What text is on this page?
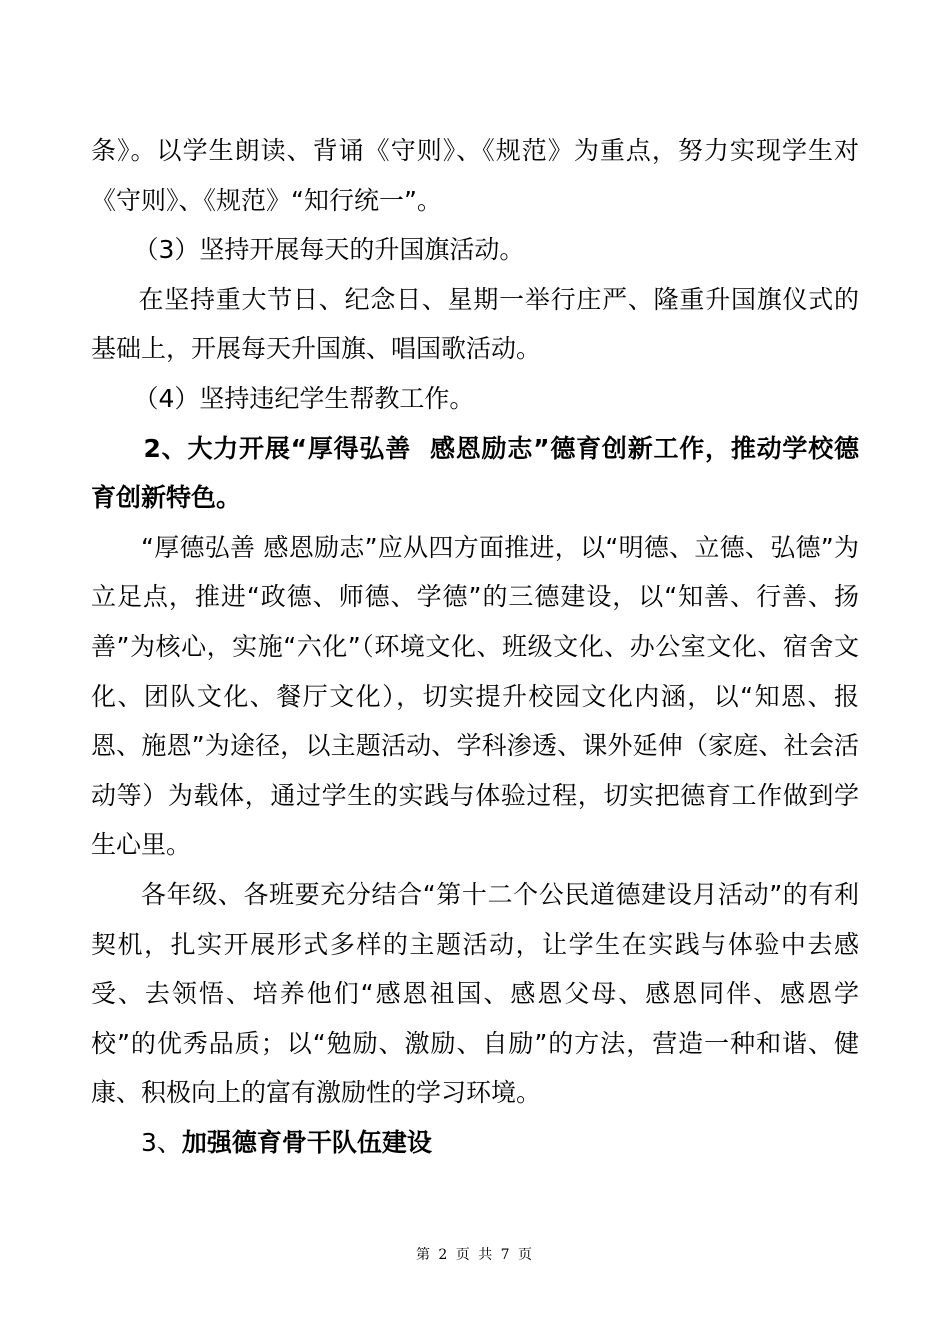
条》。以学生朗读、背诵《守则》、《规范》为重点，努力实现学生对《守则》、《规范》“知行统一”。

（3）坚持开展每天的升国旗活动。

在坚持重大节日、纪念日、星期一举行庄严、隆重升国旗仪式的基础上，开展每天升国旗、唱国歌活动。

（4）坚持违纪学生帮教工作。

2、大力开展“厚得弘善  感恩励志”德育创新工作，推动学校德育创新特色。

“厚德弘善 感恩励志”应从四方面推进，以“明德、立德、弘德”为立足点，推进“政德、师德、学德”的三德建设，以“知善、行善、扬善”为核心，实施“六化”（环境文化、班级文化、办公室文化、宿舍文化、团队文化、餐厅文化），切实提升校园文化内涵，以“知恩、报恩、施恩”为途径，以主题活动、学科渗透、课外延伸（家庭、社会活动等）为载体，通过学生的实践与体验过程，切实把德育工作做到学生心里。

各年级、各班要充分结合“第十二个公民道德建设月活动”的有利契机，扎实开展形式多样的主题活动，让学生在实践与体验中去感受、去领悟、培养他们“感恩祖国、感恩父母、感恩同伴、感恩学校”的优秀品质；以“勉励、激励、自励”的方法，营造一种和谐、健康、积极向上的富有激励性的学习环境。

3、加强德育骨干队伍建设

第 2 页 共 7 页
